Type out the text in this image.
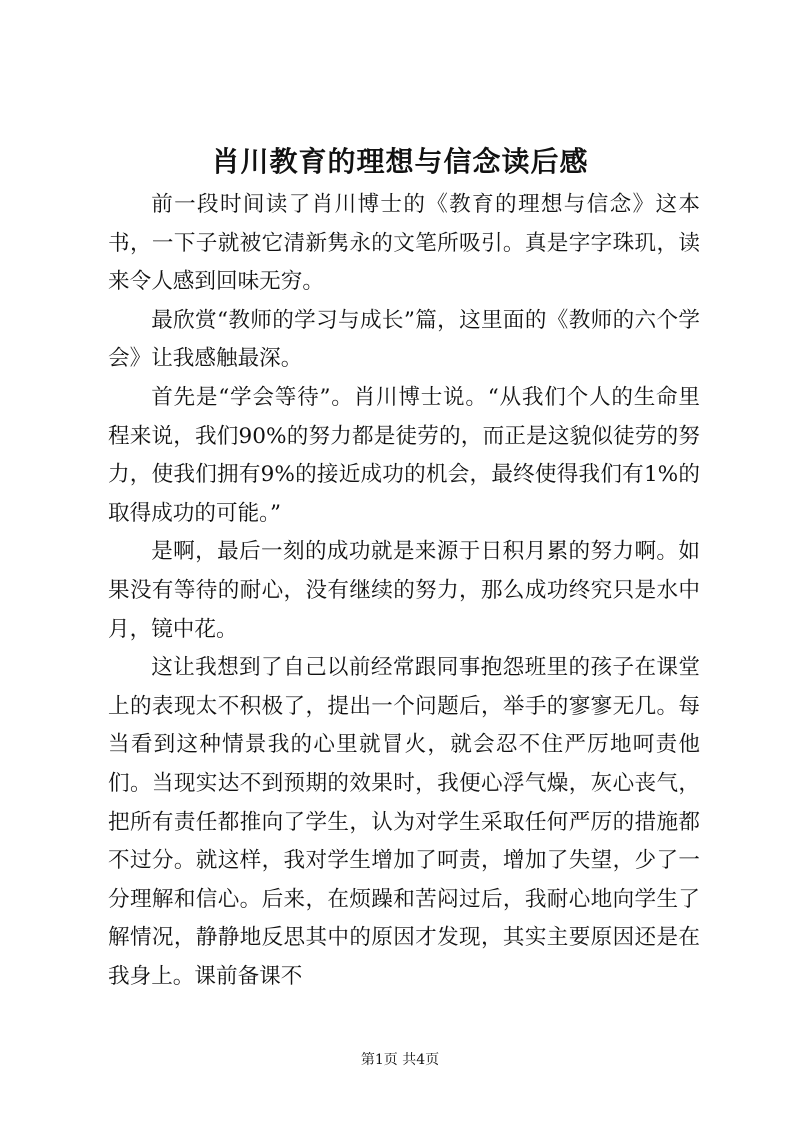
肖川教育的理想与信念读后感

前一段时间读了肖川博士的《教育的理想与信念》这本书，一下子就被它清新隽永的文笔所吸引。真是字字珠玑，读来令人感到回味无穷。

最欣赏“教师的学习与成长”篇，这里面的《教师的六个学会》让我感触最深。

首先是“学会等待”。肖川博士说。“从我们个人的生命里程来说，我们90%的努力都是徒劳的，而正是这貌似徒劳的努力，使我们拥有9%的接近成功的机会，最终使得我们有1%的取得成功的可能。”

是啊，最后一刻的成功就是来源于日积月累的努力啊。如果没有等待的耐心，没有继续的努力，那么成功终究只是水中月，镜中花。

这让我想到了自己以前经常跟同事抱怨班里的孩子在课堂上的表现太不积极了，提出一个问题后，举手的寥寥无几。每当看到这种情景我的心里就冒火，就会忍不住严厉地呵责他们。当现实达不到预期的效果时，我便心浮气燥，灰心丧气，把所有责任都推向了学生，认为对学生采取任何严厉的措施都不过分。就这样，我对学生增加了呵责，增加了失望，少了一分理解和信心。后来，在烦躁和苦闷过后，我耐心地向学生了解情况，静静地反思其中的原因才发现，其实主要原因还是在我身上。课前备课不

第1页 共4页
